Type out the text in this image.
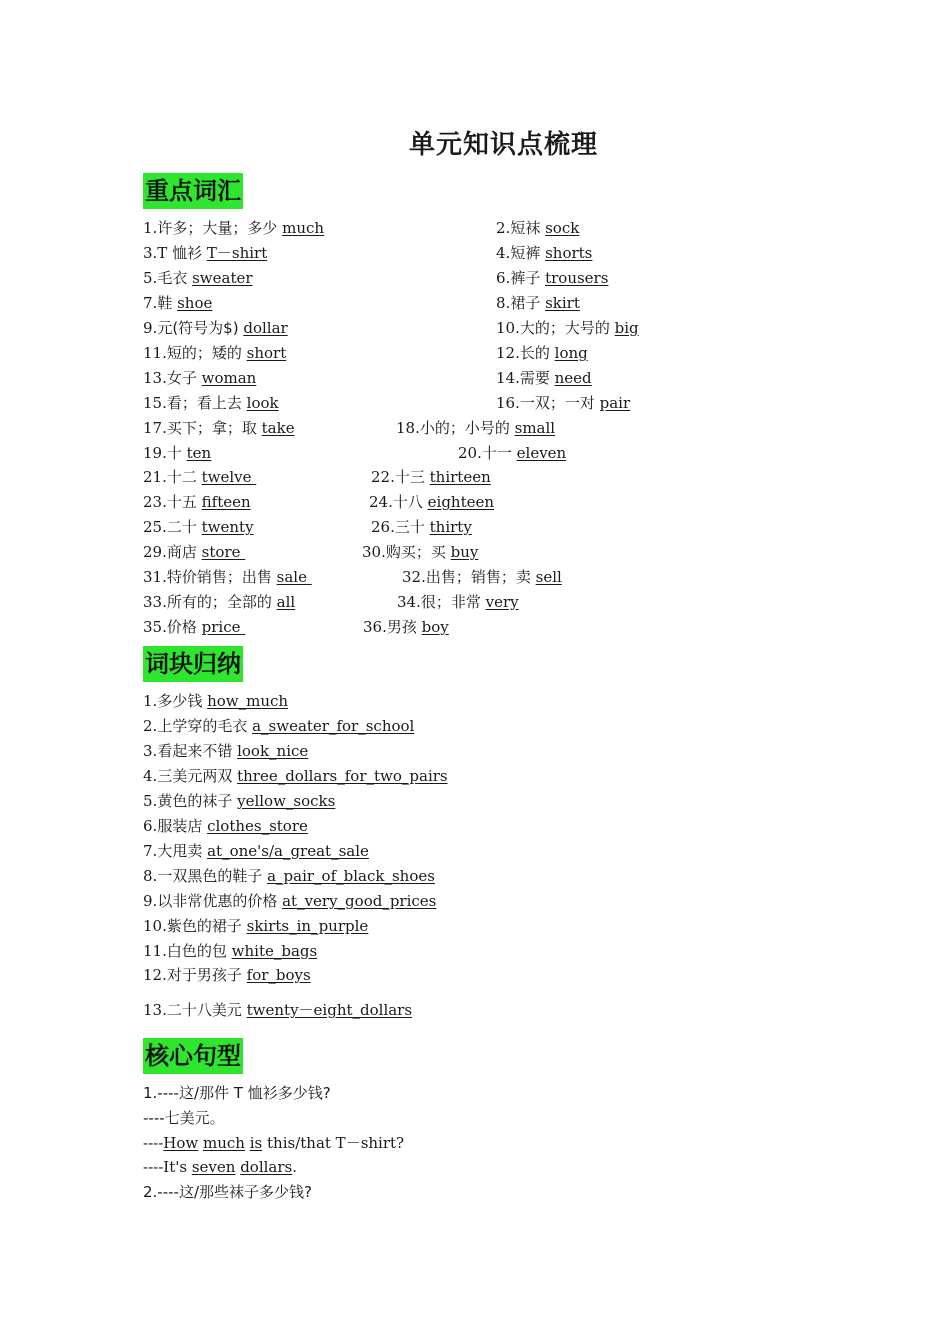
单元知识点梳理
重点词汇
1.许多；大量；多少 much	2.短袜 sock
3.T 恤衫 T－shirt	4.短裤 shorts
5.毛衣 sweater	6.裤子 trousers
7.鞋 shoe	8.裙子 skirt
9.元(符号为$) dollar	10.大的；大号的 big
11.短的；矮的 short	12.长的 long
13.女子 woman	14.需要 need
15.看；看上去 look	16.一双；一对 pair
17.买下；拿；取 take	18.小的；小号的 small
19.十 ten	20.十一 eleven
21.十二 twelve	22.十三 thirteen
23.十五 fifteen	24.十八 eighteen
25.二十 twenty	26.三十 thirty
29.商店 store	30.购买；买 buy
31.特价销售；出售 sale	32.出售；销售；卖 sell
33.所有的；全部的 all	34.很；非常 very
35.价格 price	36.男孩 boy
词块归纳
1.多少钱 how_much
2.上学穿的毛衣 a_sweater_for_school
3.看起来不错 look_nice
4.三美元两双 three_dollars_for_two_pairs
5.黄色的袜子 yellow_socks
6.服装店 clothes_store
7.大甩卖 at_one's/a_great_sale
8.一双黑色的鞋子 a_pair_of_black_shoes
9.以非常优惠的价格 at_very_good_prices
10.紫色的裙子 skirts_in_purple
11.白色的包 white_bags
12.对于男孩子 for_boys
13.二十八美元 twenty－eight_dollars
核心句型
1.----这/那件 T 恤衫多少钱?
----七美元。
----How much is this/that T－shirt?
----It's seven dollars.
2.----这/那些袜子多少钱?
